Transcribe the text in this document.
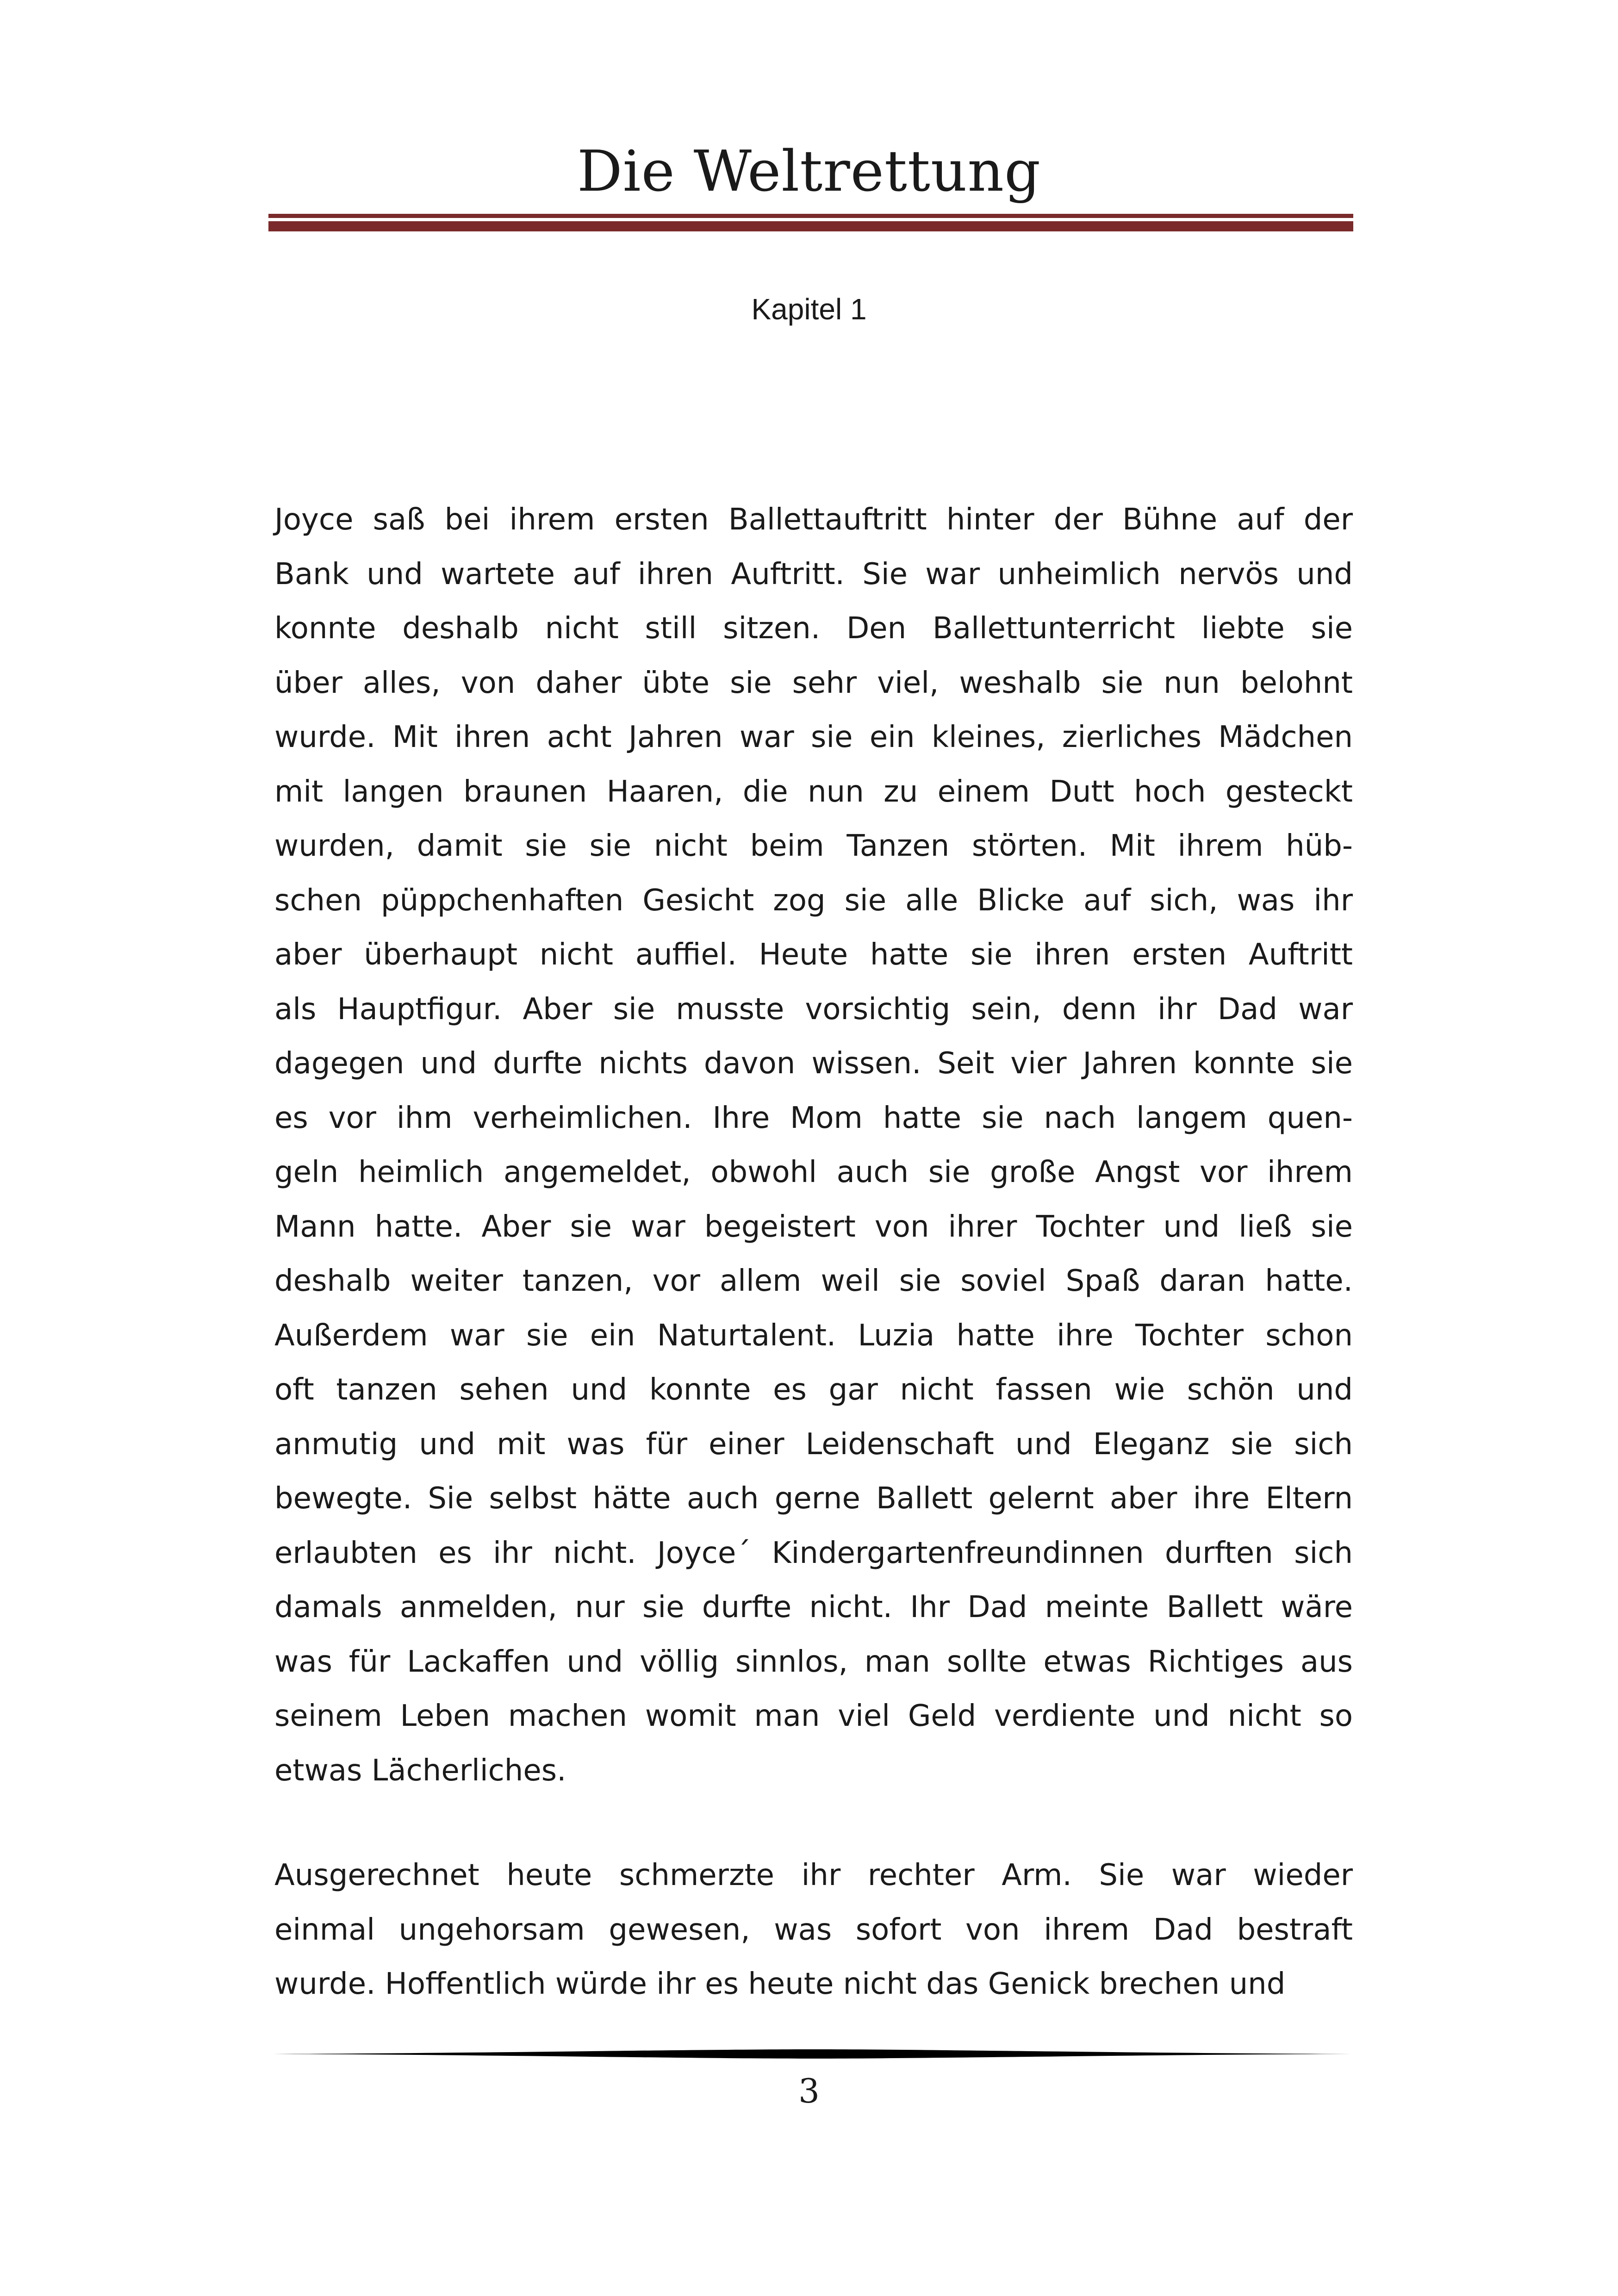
Die Weltrettung
Kapitel 1
Joyce saß bei ihrem ersten Ballettauftritt hinter der Bühne auf der
Bank und wartete auf ihren Auftritt. Sie war unheimlich nervös und
konnte deshalb nicht still sitzen. Den Ballettunterricht liebte sie
über alles, von daher übte sie sehr viel, weshalb sie nun belohnt
wurde. Mit ihren acht Jahren war sie ein kleines, zierliches Mädchen
mit langen braunen Haaren, die nun zu einem Dutt hoch gesteckt
wurden, damit sie sie nicht beim Tanzen störten. Mit ihrem hüb-
schen püppchenhaften Gesicht zog sie alle Blicke auf sich, was ihr
aber überhaupt nicht auffiel. Heute hatte sie ihren ersten Auftritt
als Hauptfigur. Aber sie musste vorsichtig sein, denn ihr Dad war
dagegen und durfte nichts davon wissen. Seit vier Jahren konnte sie
es vor ihm verheimlichen. Ihre Mom hatte sie nach langem quen-
geln heimlich angemeldet, obwohl auch sie große Angst vor ihrem
Mann hatte. Aber sie war begeistert von ihrer Tochter und ließ sie
deshalb weiter tanzen, vor allem weil sie soviel Spaß daran hatte.
Außerdem war sie ein Naturtalent. Luzia hatte ihre Tochter schon
oft tanzen sehen und konnte es gar nicht fassen wie schön und
anmutig und mit was für einer Leidenschaft und Eleganz sie sich
bewegte. Sie selbst hätte auch gerne Ballett gelernt aber ihre Eltern
erlaubten es ihr nicht. Joyce´ Kindergartenfreundinnen durften sich
damals anmelden, nur sie durfte nicht. Ihr Dad meinte Ballett wäre
was für Lackaffen und völlig sinnlos, man sollte etwas Richtiges aus
seinem Leben machen womit man viel Geld verdiente und nicht so
etwas Lächerliches.
Ausgerechnet heute schmerzte ihr rechter Arm. Sie war wieder
einmal ungehorsam gewesen, was sofort von ihrem Dad bestraft
wurde. Hoffentlich würde ihr es heute nicht das Genick brechen und
3
